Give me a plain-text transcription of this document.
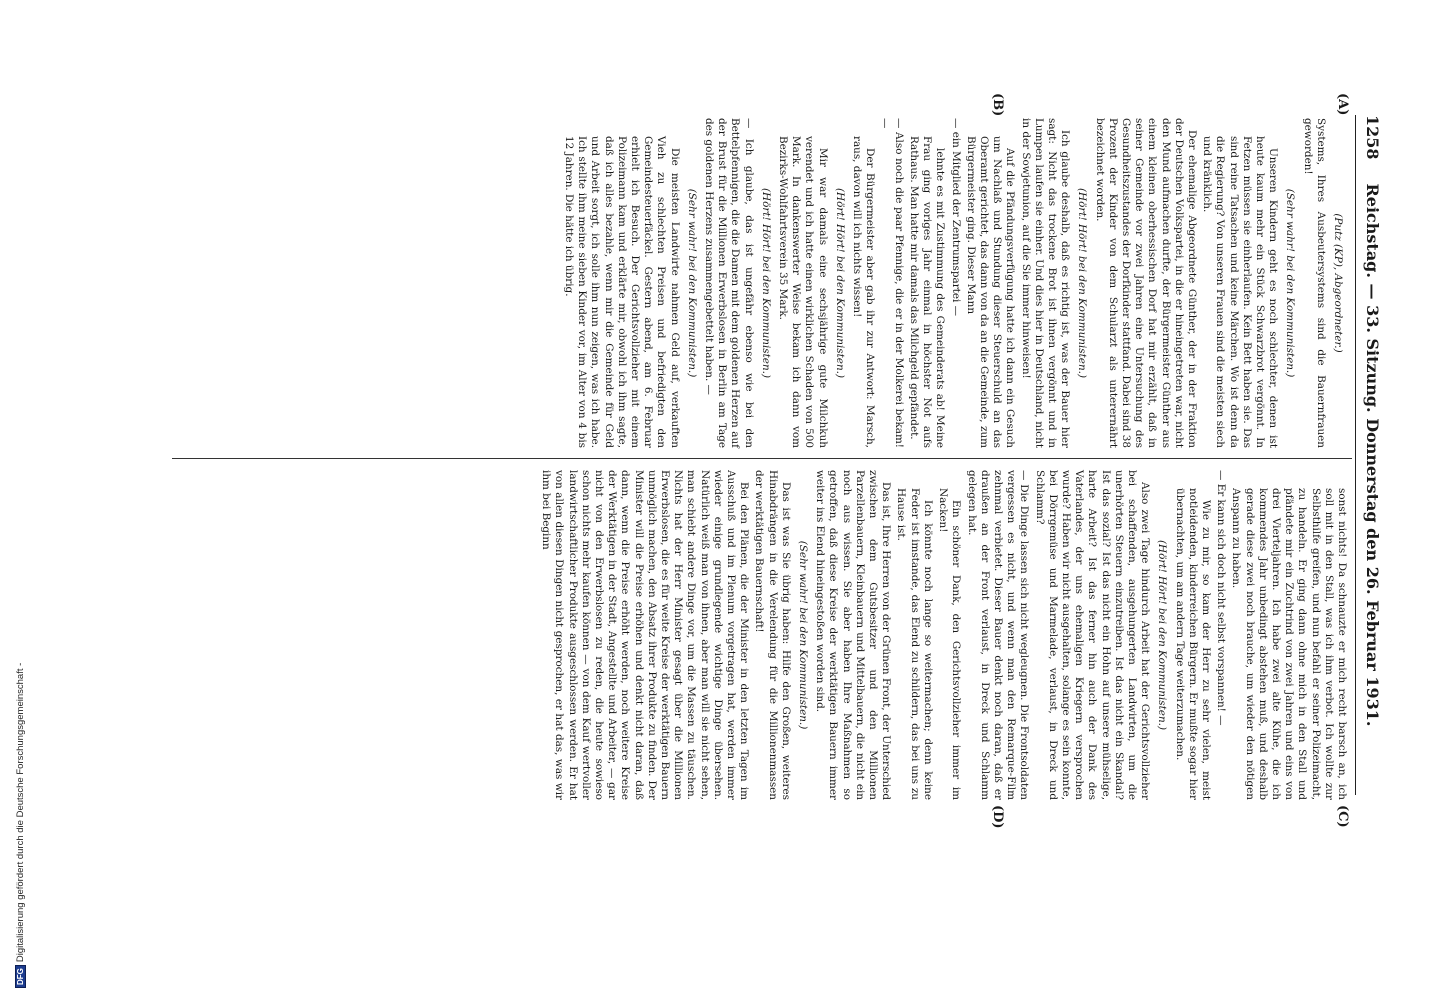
1258
Reichstag. — 33. Sitzung. Donnerstag den 26. Februar 1931.
(A)
(B)
(C)
(D)

(Putz (KP), Abgeordneter.)

Systems, Ihres Ausbeutersystems sind die Bauernfrauen geworden!

(Sehr wahr! bei den Kommunisten.)

Unseren Kindern geht es noch schlechter, denen ist heute kaum mehr ein Stück Schwarzbrot vergönnt. In Fetzen müssen sie einherlaufen. Kein Bett haben sie. Das sind reine Tatsachen und keine Märchen. Wo ist denn da die Regierung? Von unseren Frauen sind die meisten siech und kränklich.

Der ehemalige Abgeordnete Günther, der in der Fraktion der Deutschen Volkspartei, in die er hineingetreten war, nicht den Mund aufmachen durfte, der Bürgermeister Günther aus einem kleinen oberhessischen Dorf hat mir erzählt, daß in seiner Gemeinde vor zwei Jahren eine Untersuchung des Gesundheitszustandes der Dorfkinder stattfand. Dabei sind 38 Prozent der Kinder von dem Schularzt als unterernährt bezeichnet worden.

(Hört! Hört! bei den Kommunisten.)

Ich glaube deshalb, daß es richtig ist, was der Bauer hier sagt: Nicht das trockene Brot ist ihnen vergönnt und in Lumpen laufen sie einher. Und dies hier in Deutschland, nicht in der Sowjetunion, auf die Sie immer hinweisen!

Auf die Pfändungsverfügung hatte ich dann ein Gesuch um Nachlaß und Stundung dieser Steuerschuld an das Oberamt gerichtet, das dann von da an die Gemeinde, zum Bürgermeister ging. Dieser Mann

— ein Mitglied der Zentrumspartei —

lehnte es mit Zustimmung des Gemeinderats ab! Meine Frau ging voriges Jahr einmal in höchster Not aufs Rathaus. Man hatte mir damals das Milchgeld gepfändet.

— Also noch die paar Pfennige, die er in der Molkerei bekam! —

Der Bürgermeister aber gab ihr zur Antwort: Marsch, raus, davon will ich nichts wissen!

(Hört! Hört! bei den Kommunisten.)

Mir war damals eine sechsjährige gute Milchkuh verendet und ich hatte einen wirklichen Schaden von 500 Mark. In dankenswerter Weise bekam ich dann vom Bezirks-Wohlfahrtsverein 35 Mark.

(Hört! Hört! bei den Kommunisten.)

— Ich glaube, das ist ungefähr ebenso wie bei den Bettelpfennigen, die die Damen mit dem goldenen Herzen auf der Brust für die Millionen Erwerbslosen in Berlin am Tage des goldenen Herzens zusammengebettelt haben. —

(Sehr wahr! bei den Kommunisten.)

Die meisten Landwirte nahmen Geld auf, verkauften Vieh zu schlechten Preisen und befriedigten den Gemeindesteuerfäckel. Gestern abend, am 6. Februar erhielt ich Besuch. Der Gerichtsvollzieher mit einem Polizeimann kam und erklärte mir, obwohl ich ihm sagte, daß ich alles bezahle, wenn mir die Gemeinde für Geld und Arbeit sorgt, ich solle ihm nun zeigen, was ich habe. Ich stellte ihm meine sieben Kinder vor, im Alter von 4 bis 12 Jahren. Die hätte ich übrig.

sonst nichts! Da schnauzte er mich recht barsch an, ich soll mit in den Stall, was ich ihm verbot. Ich wollte zur Selbsthilfe greifen, und nun befahl er seiner Polizeimacht, zu handeln. Er ging dann ohne mich in den Stall und pfändete mir ein Zuchtrind von zwei Jahren und eins von drei Vierteljahren. Ich habe zwei alte Kühe, die ich kommendes Jahr unbedingt abstehen muß, und deshalb gerade diese zwei noch brauche, um wieder den nötigen Anspann zu haben.

— Er kann sich doch nicht selbst vorspannen! —

Wie zu mir, so kam der Herr zu sehr vielen, meist notleidenden, kinderreichen Bürgern. Er mußte sogar hier übernachten, um am andern Tage weiterzumachen.

(Hört! Hört! bei den Kommunisten.)

Also zwei Tage hindurch Arbeit hat der Gerichtsvollzieher bei schaffenden, ausgehungerten Landwirten, um die unerhörten Steuern einzutreiben. Ist das nicht ein Skandal? Ist das sozial? Ist das nicht ein Hohn auf unsere mühselige, harte Arbeit? Ist das ferner hin auch der Dank des Vaterlandes, der uns ehemaligen Kriegern versprochen wurde? Haben wir nicht ausgehalten, solange es sein konnte, bei Dörrgemüse und Marmelade, verlaust, in Dreck und Schlamm?

— Die Dinge lassen sich nicht wegleugnen. Die Frontsoldaten vergessen es nicht, und wenn man den Remarque-Film zehnmal verbietet. Dieser Bauer denkt noch daran, daß er draußen an der Front verlaust, in Dreck und Schlamm gelegen hat.

Ein schöner Dank, den Gerichtsvollzieher immer im Nacken!

Ich könnte noch lange so weitermachen; denn keine Feder ist imstande, das Elend zu schildern, das bei uns zu Hause ist.

Das ist, Ihre Herren von der Grünen Front, der Unterschied zwischen dem Gutsbesitzer und den Millionen Parzellenbauern, Kleinbauern und Mittelbauern, die nicht ein noch aus wissen. Sie aber haben Ihre Maßnahmen so getroffen, daß diese Kreise der werktätigen Bauern immer weiter ins Elend hineingestoßen worden sind.

(Sehr wahr! bei den Kommunisten.)

Das ist was Sie übrig haben: Hilfe den Großen, weiteres Hinabdrängen in die Verelendung für die Millionenmassen der werktätigen Bauernschaft!

Bei den Plänen, die der Minister in den letzten Tagen im Ausschuß und im Plenum vorgetragen hat, werden immer wieder einige grundlegende wichtige Dinge übersehen. Natürlich weiß man von ihnen, aber man will sie nicht sehen, man schiebt andere Dinge vor, um die Massen zu täuschen. Nichts hat der Herr Minister gesagt über die Millionen Erwerbslosen, die es für weite Kreise der werktätigen Bauern unmöglich machen, den Absatz ihrer Produkte zu finden. Der Minister will die Preise erhöhen und denkt nicht daran, daß dann, wenn die Preise erhöht werden, noch weitere Kreise der Werktätigen in der Stadt, Angestellte und Arbeiter, — gar nicht von den Erwerbslosen zu reden, die heute sowieso schon nichts mehr kaufen können — von dem Kauf wertvoller landwirtschaftlicher Produkte ausgeschlossen werden. Er hat von allen diesen Dingen nicht gesprochen, er hat das, was wir ihm bei Beginn

DFGDigitalisierung gefördert durch die Deutsche Forschungsgemeinschaft -
